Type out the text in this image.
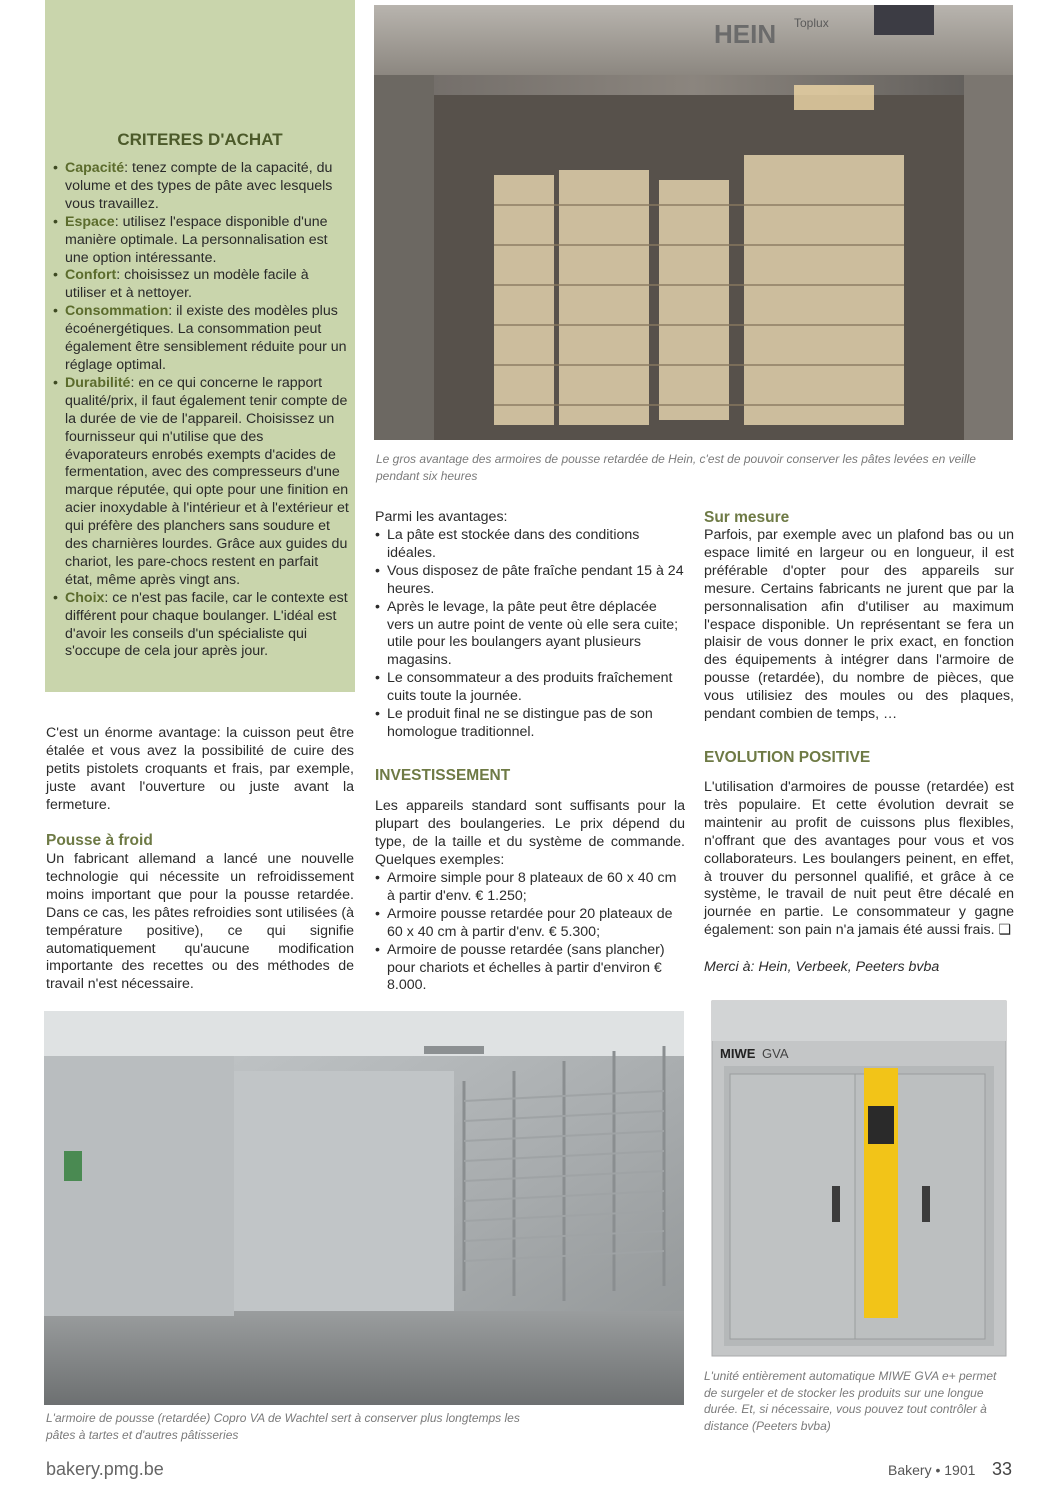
CRITERES D'ACHAT
• Capacité: tenez compte de la capacité, du volume et des types de pâte avec lesquels vous travaillez.
• Espace: utilisez l'espace disponible d'une manière optimale. La personnalisation est une option intéressante.
• Confort: choisissez un modèle facile à utiliser et à nettoyer.
• Consommation: il existe des modèles plus écoénergétiques. La consommation peut également être sensiblement réduite pour un réglage optimal.
• Durabilité: en ce qui concerne le rapport qualité/prix, il faut également tenir compte de la durée de vie de l'appareil. Choisissez un fournisseur qui n'utilise que des évaporateurs enrobés exempts d'acides de fermentation, avec des compresseurs d'une marque réputée, qui opte pour une finition en acier inoxydable à l'intérieur et à l'extérieur et qui préfère des planchers sans soudure et des charnières lourdes. Grâce aux guides du chariot, les pare-chocs restent en parfait état, même après vingt ans.
• Choix: ce n'est pas facile, car le contexte est différent pour chaque boulanger. L'idéal est d'avoir les conseils d'un spécialiste qui s'occupe de cela jour après jour.
HEIN Toplux
Le gros avantage des armoires de pousse retardée de Hein, c'est de pouvoir conserver les pâtes levées en veille pendant six heures
C'est un énorme avantage: la cuisson peut être étalée et vous avez la possibilité de cuire des petits pistolets croquants et frais, par exemple, juste avant l'ouverture ou juste avant la fermeture.
Pousse à froid
Un fabricant allemand a lancé une nouvelle technologie qui nécessite un refroidissement moins important que pour la pousse retardée. Dans ce cas, les pâtes refroidies sont utilisées (à température positive), ce qui signifie automatiquement qu'aucune modification importante des recettes ou des méthodes de travail n'est nécessaire.
Parmi les avantages:
• La pâte est stockée dans des conditions idéales.
• Vous disposez de pâte fraîche pendant 15 à 24 heures.
• Après le levage, la pâte peut être déplacée vers un autre point de vente où elle sera cuite; utile pour les boulangers ayant plusieurs magasins.
• Le consommateur a des produits fraîchement cuits toute la journée.
• Le produit final ne se distingue pas de son homologue traditionnel.
INVESTISSEMENT
Les appareils standard sont suffisants pour la plupart des boulangeries. Le prix dépend du type, de la taille et du système de commande. Quelques exemples:
• Armoire simple pour 8 plateaux de 60 x 40 cm à partir d'env. € 1.250;
• Armoire pousse retardée pour 20 plateaux de 60 x 40 cm à partir d'env. € 5.300;
• Armoire de pousse retardée (sans plancher) pour chariots et échelles à partir d'environ € 8.000.
Sur mesure
Parfois, par exemple avec un plafond bas ou un espace limité en largeur ou en longueur, il est préférable d'opter pour des appareils sur mesure. Certains fabricants ne jurent que par la personnalisation afin d'utiliser au maximum l'espace disponible. Un représentant se fera un plaisir de vous donner le prix exact, en fonction des équipements à intégrer dans l'armoire de pousse (retardée), du nombre de pièces, que vous utilisiez des moules ou des plaques, pendant combien de temps, …
EVOLUTION POSITIVE
L'utilisation d'armoires de pousse (retardée) est très populaire. Et cette évolution devrait se maintenir au profit de cuissons plus flexibles, n'offrant que des avantages pour vous et vos collaborateurs. Les boulangers peinent, en effet, à trouver du personnel qualifié, et grâce à ce système, le travail de nuit peut être décalé en journée en partie. Le consommateur y gagne également: son pain n'a jamais été aussi frais. ❑
Merci à: Hein, Verbeek, Peeters bvba
L'armoire de pousse (retardée) Copro VA de Wachtel sert à conserver plus longtemps les pâtes à tartes et d'autres pâtisseries
MIWE GVA
L'unité entièrement automatique MIWE GVA e+ permet de surgeler et de stocker les produits sur une longue durée. Et, si nécessaire, vous pouvez tout contrôler à distance (Peeters bvba)
bakery.pmg.be	Bakery • 1901 33
